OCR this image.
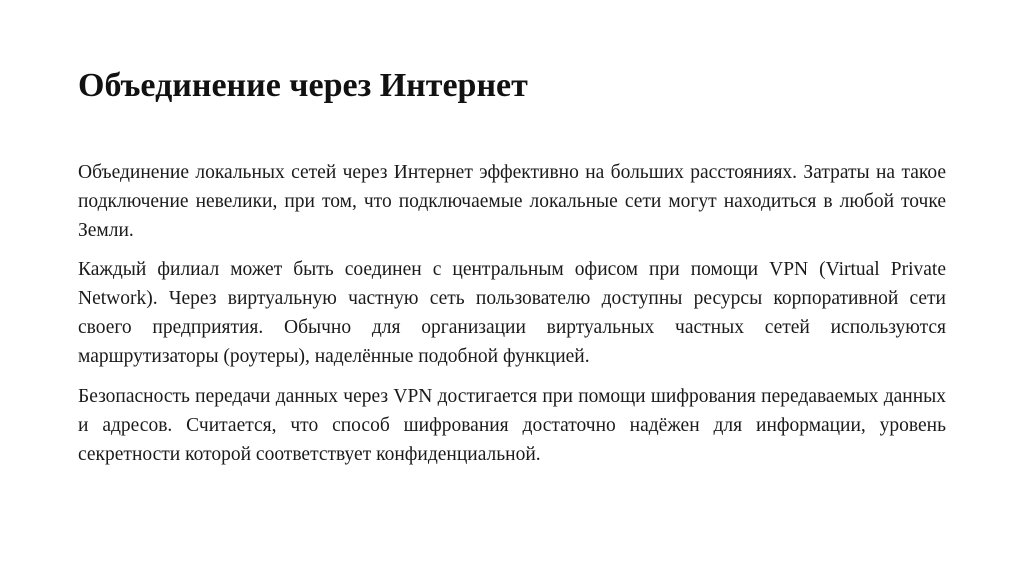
Объединение через Интернет

Объединение локальных сетей через Интернет эффективно на больших расстояниях. Затраты на такое подключение невелики, при том, что подключаемые локальные сети могут находиться в любой точке Земли.

Каждый филиал может быть соединен с центральным офисом при помощи VPN (Virtual Private Network). Через виртуальную частную сеть пользователю доступны ресурсы корпоративной сети своего предприятия. Обычно для организации виртуальных частных сетей используются маршрутизаторы (роутеры), наделённые подобной функцией.

Безопасность передачи данных через VPN достигается при помощи шифрования передаваемых данных и адресов. Считается, что способ шифрования достаточно надёжен для информации, уровень секретности которой соответствует конфиденциальной.
